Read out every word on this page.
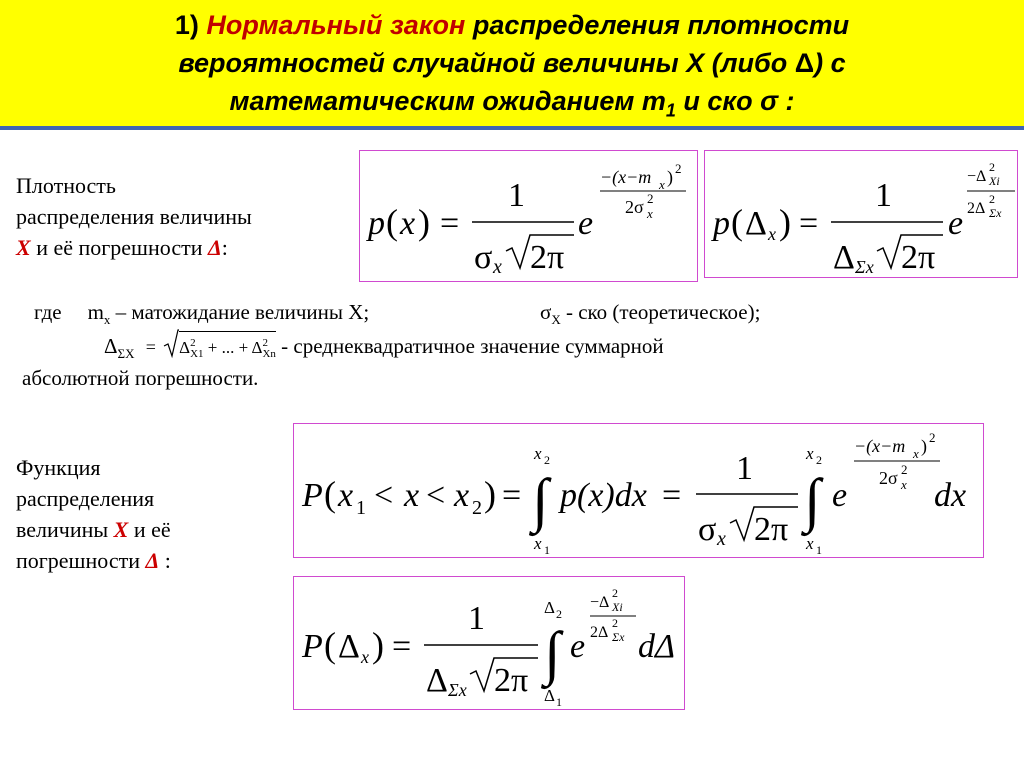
1) Нормальный закон распределения плотности
вероятностей случайной величины X (либо Δ) с
математическим ожиданием $m_1$ и ско σ :
Плотность
распределения величины
X и её погрешности Δ:
p ( x ) =
1
σ x 2π
e
−(x−m x ) 2
2σ 2
x p ( Δ x ) =
1
Δ Σx 2π
e
−Δ
2
Xi
2Δ
2
Σx
где $m_x$ – матожидание величины X;	$\sigma_X$ - ско (теоретическое);
$\Delta_{\Sigma X} = \Delta$ 2
X1 + ... + Δ 2
Xn - среднеквадратичное значение суммарной
абсолютной погрешности.
Функция
распределения
величины X и её
погрешности Δ :
P ( x 1 < x < x 2 ) =
x 2
∫
x 1
p(x)dx =
1
σ x 2π
x 2
∫
x 1
e
−(x−m x ) 2
2σ 2
x dx
P ( Δ x ) =
1
Δ Σx 2π
Δ 2
∫
Δ 1
e
−Δ
2
Xi
2Δ
2
Σx dΔ
